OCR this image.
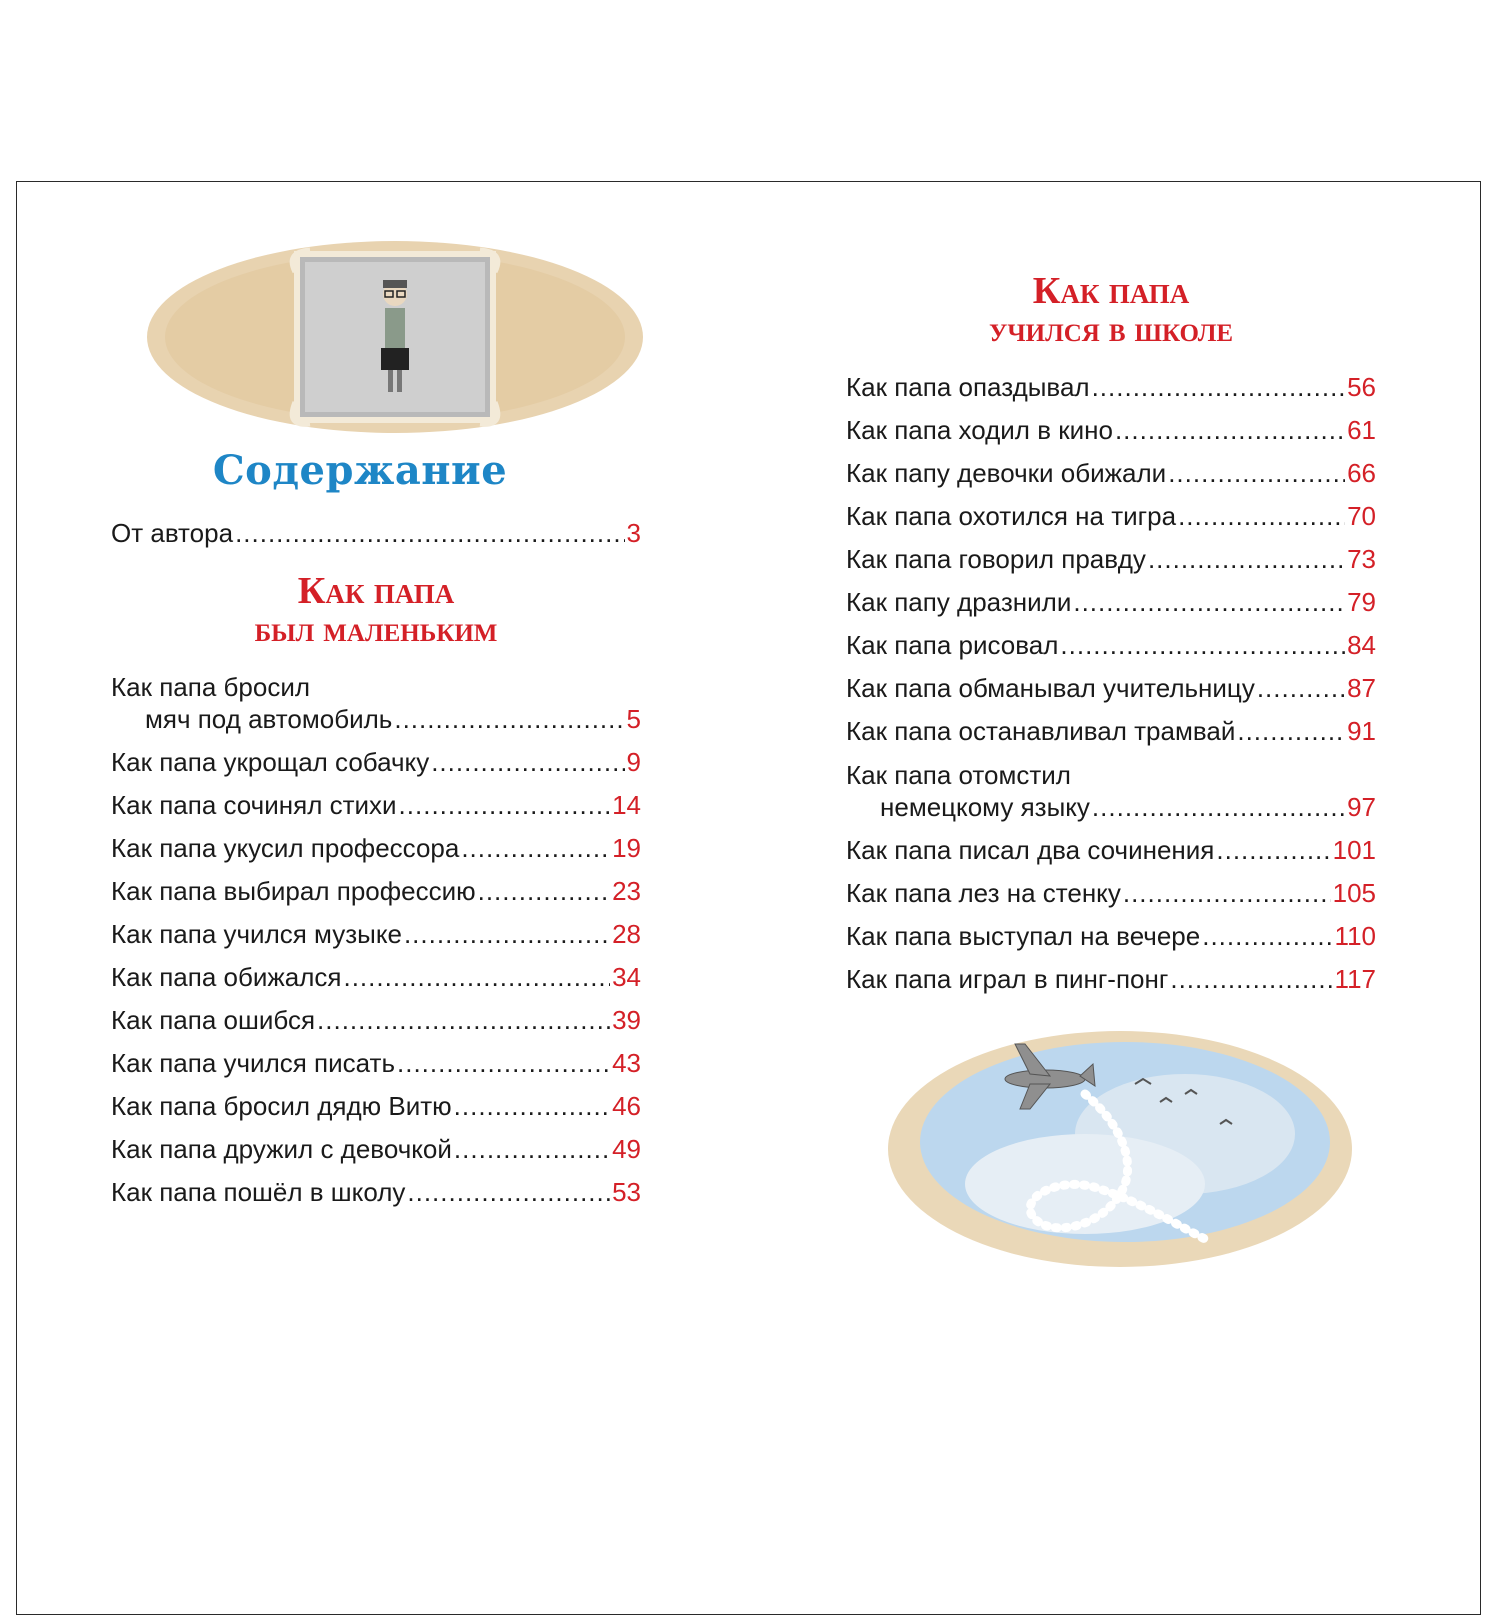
Содержание
От автора .....	3
Как папа
был маленьким
Как папа бросил
мяч под автомобиль .....	5
Как папа укрощал собачку .....	9
Как папа сочинял стихи .....	14
Как папа укусил профессора .....	19
Как папа выбирал профессию .....	23
Как папа учился музыке .....	28
Как папа обижался .....	34
Как папа ошибся .....	39
Как папа учился писать .....	43
Как папа бросил дядю Витю .....	46
Как папа дружил с девочкой .....	49
Как папа пошёл в школу .....	53
Как папа
учился в школе
Как папа опаздывал .....	56
Как папа ходил в кино .....	61
Как папу девочки обижали .....	66
Как папа охотился на тигра .....	70
Как папа говорил правду .....	73
Как папу дразнили .....	79
Как папа рисовал .....	84
Как папа обманывал учительницу .....	87
Как папа останавливал трамвай .....	91
Как папа отомстил
немецкому языку .....	97
Как папа писал два сочинения .....	101
Как папа лез на стенку .....	105
Как папа выступал на вечере .....	110
Как папа играл в пинг-понг .....	117
